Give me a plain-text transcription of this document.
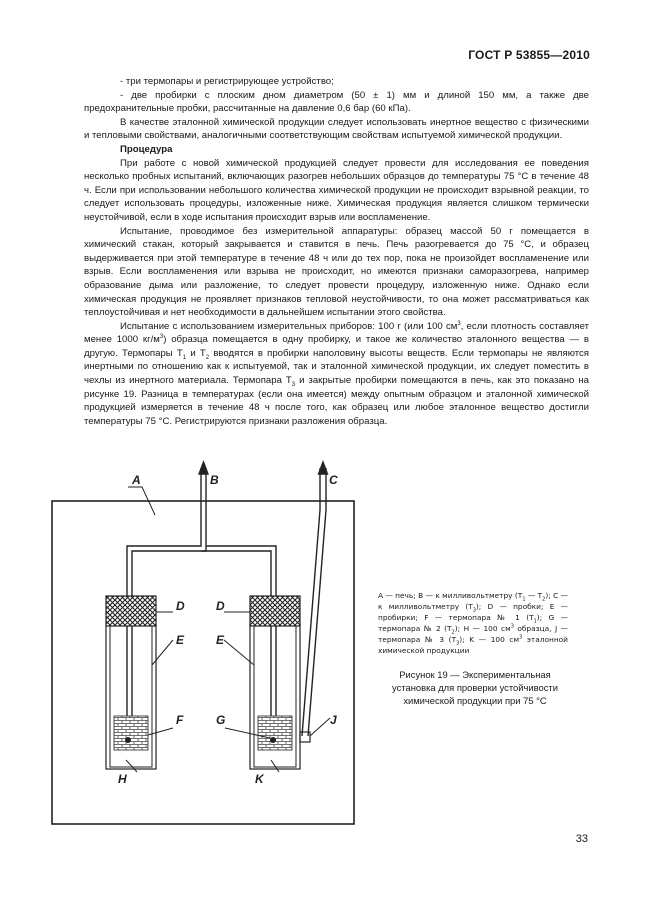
ГОСТ Р 53855—2010

- три термопары и регистрирующее устройство;

- две пробирки с плоским дном диаметром (50 ± 1) мм и длиной 150 мм, а также две предохранительные пробки, рассчитанные на давление 0,6 бар (60 кПа).

В качестве эталонной химической продукции следует использовать инертное вещество с физическими и тепловыми свойствами, аналогичными соответствующим свойствам испытуемой химической продукции.

Процедура

При работе с новой химической продукцией следует провести для исследования ее поведения несколько пробных испытаний, включающих разогрев небольших образцов до температуры 75 °С в течение 48 ч. Если при использовании небольшого количества химической продукции не происходит взрывной реакции, то следует использовать процедуры, изложенные ниже. Химическая продукция является слишком термически неустойчивой, если в ходе испытания происходит взрыв или воспламенение.

Испытание, проводимое без измерительной аппаратуры: образец массой 50 г помещается в химический стакан, который закрывается и ставится в печь. Печь разогревается до 75 °С, и образец выдерживается при этой температуре в течение 48 ч или до тех пор, пока не произойдет воспламенение или взрыв. Если воспламенения или взрыва не происходит, но имеются признаки саморазогрева, например образование дыма или разложение, то следует провести процедуру, изложенную ниже. Однако если химическая продукция не проявляет признаков тепловой неустойчивости, то она может рассматриваться как теплоустойчивая и нет необходимости в дальнейшем испытании этого свойства.

Испытание с использованием измерительных приборов: 100 г (или 100 $см^3$, если плотность составляет менее 1000 $кг/м^3$) образца помещается в одну пробирку, и такое же количество эталонного вещества — в другую. Термопары $Т_1$ и $Т_2$ вводятся в пробирки наполовину высоты веществ. Если термопары не являются инертными по отношению как к испытуемой, так и эталонной химической продукции, их следует поместить в чехлы из инертного материала. Термопара $Т_3$ и закрытые пробирки помещаются в печь, как это показано на рисунке 19. Разница в температурах (если она имеется) между опытным образцом и эталонной химической продукцией измеряется в течение 48 ч после того, как образец или любое эталонное вещество достигли температуры 75 °С. Регистрируются признаки разложения образца.

A	B	C
D	D
E	E
F	G
H	K
J
A — печь; B — к милливольтметру ($Т_1$ — $Т_2$); C — к милливольтметру $(Т_3)$; D — пробки; E — пробирки; F — термопара № 1 $(Т_1)$; G — термопара № 2 $(Т_2)$; H — 100 $см^3$ образца, J — термопара № 3 $(Т_3)$; K — 100 $см^3$ эталонной химической продукции
Рисунок 19 — Экспериментальная
установка для проверки устойчивости
химической продукции при 75 °С
33
